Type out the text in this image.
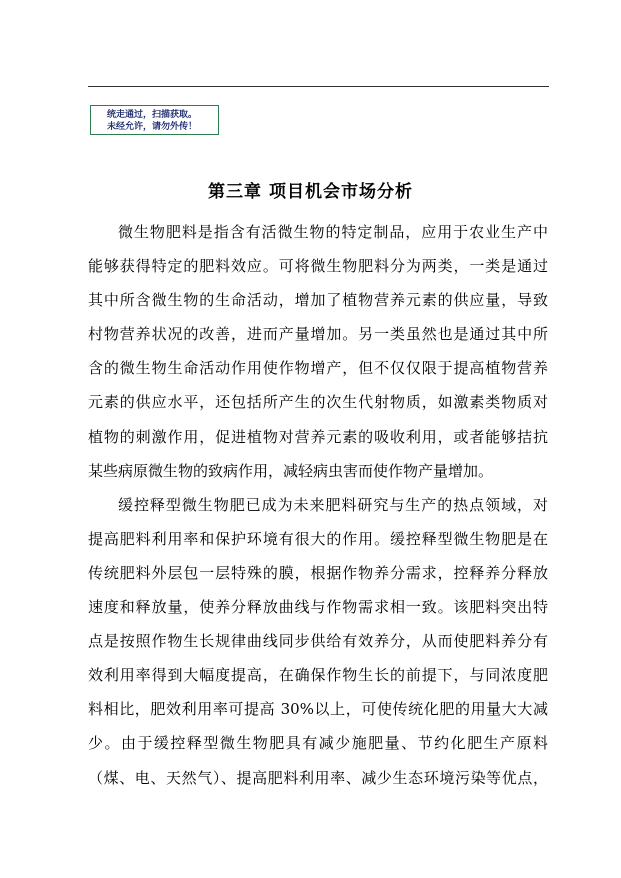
统走通过，扫描获取。
未经允许，请勿外传！
第三章 项目机会市场分析
微生物肥料是指含有活微生物的特定制品，应用于农业生产中
能够获得特定的肥料效应。可将微生物肥料分为两类，一类是通过
其中所含微生物的生命活动，增加了植物营养元素的供应量，导致
村物营养状况的改善，进而产量增加。另一类虽然也是通过其中所
含的微生物生命活动作用使作物增产，但不仅仅限于提高植物营养
元素的供应水平，还包括所产生的次生代射物质，如激素类物质对
植物的刺激作用，促进植物对营养元素的吸收利用，或者能够拮抗
某些病原微生物的致病作用，减轻病虫害而使作物产量增加。
缓控释型微生物肥已成为未来肥料研究与生产的热点领域，对
提高肥料利用率和保护环境有很大的作用。缓控释型微生物肥是在
传统肥料外层包一层特殊的膜，根据作物养分需求，控释养分释放
速度和释放量，使养分释放曲线与作物需求相一致。该肥料突出特
点是按照作物生长规律曲线同步供给有效养分，从而使肥料养分有
效利用率得到大幅度提高，在确保作物生长的前提下，与同浓度肥
料相比，肥效利用率可提高 30%以上，可使传统化肥的用量大大减
少。由于缓控释型微生物肥具有减少施肥量、节约化肥生产原料
（煤、电、天然气）、提高肥料利用率、减少生态环境污染等优点，
